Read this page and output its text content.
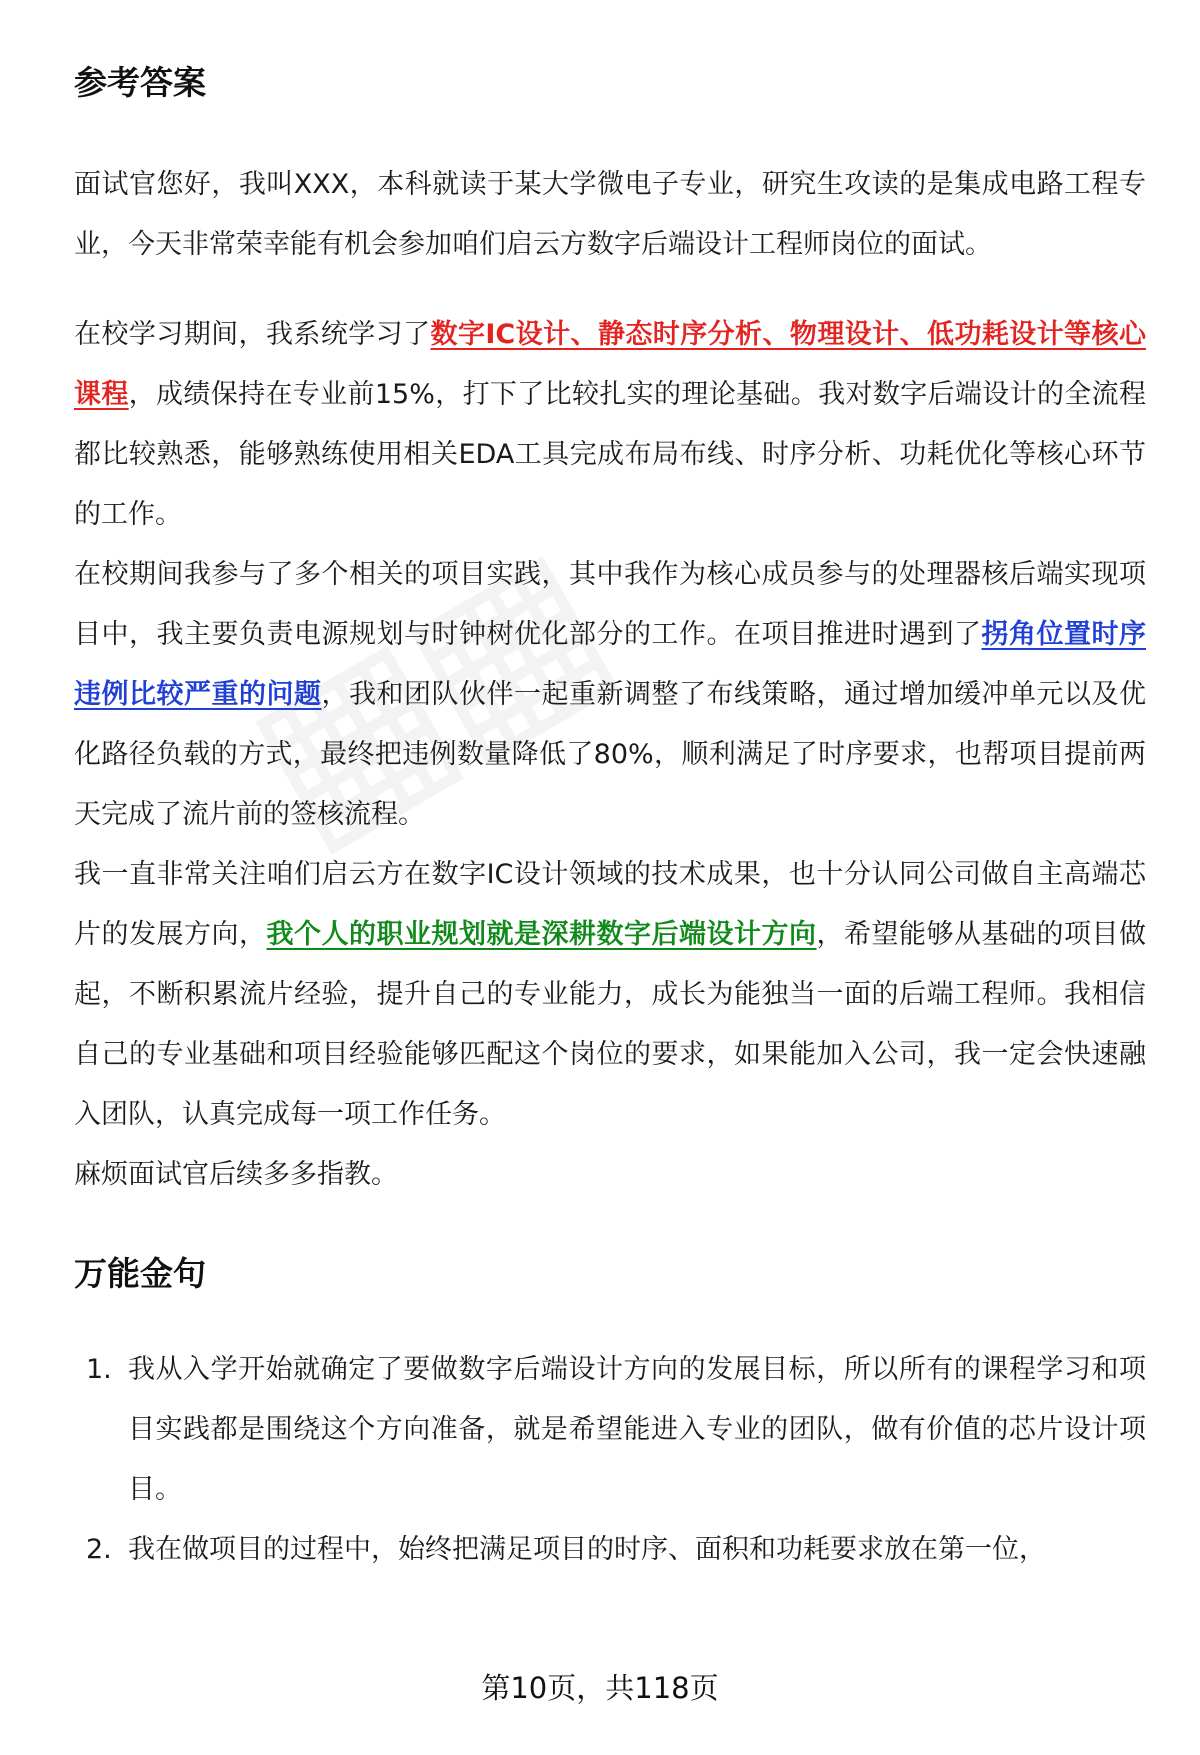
参考答案

面试官您好，我叫XXX，本科就读于某大学微电子专业，研究生攻读的是集成电路工程专业，今天非常荣幸能有机会参加咱们启云方数字后端设计工程师岗位的面试。

在校学习期间，我系统学习了数字IC设计、静态时序分析、物理设计、低功耗设计等核心课程，成绩保持在专业前15%，打下了比较扎实的理论基础。我对数字后端设计的全流程都比较熟悉，能够熟练使用相关EDA工具完成布局布线、时序分析、功耗优化等核心环节的工作。

在校期间我参与了多个相关的项目实践，其中我作为核心成员参与的处理器核后端实现项目中，我主要负责电源规划与时钟树优化部分的工作。在项目推进时遇到了拐角位置时序违例比较严重的问题，我和团队伙伴一起重新调整了布线策略，通过增加缓冲单元以及优化路径负载的方式，最终把违例数量降低了80%，顺利满足了时序要求，也帮项目提前两天完成了流片前的签核流程。

我一直非常关注咱们启云方在数字IC设计领域的技术成果，也十分认同公司做自主高端芯片的发展方向，我个人的职业规划就是深耕数字后端设计方向，希望能够从基础的项目做起，不断积累流片经验，提升自己的专业能力，成长为能独当一面的后端工程师。我相信自己的专业基础和项目经验能够匹配这个岗位的要求，如果能加入公司，我一定会快速融入团队，认真完成每一项工作任务。

麻烦面试官后续多多指教。

万能金句
1. 我从入学开始就确定了要做数字后端设计方向的发展目标，所以所有的课程学习和项目实践都是围绕这个方向准备，就是希望能进入专业的团队，做有价值的芯片设计项目。
2. 我在做项目的过程中，始终把满足项目的时序、面积和功耗要求放在第一位，
第10页，共118页
